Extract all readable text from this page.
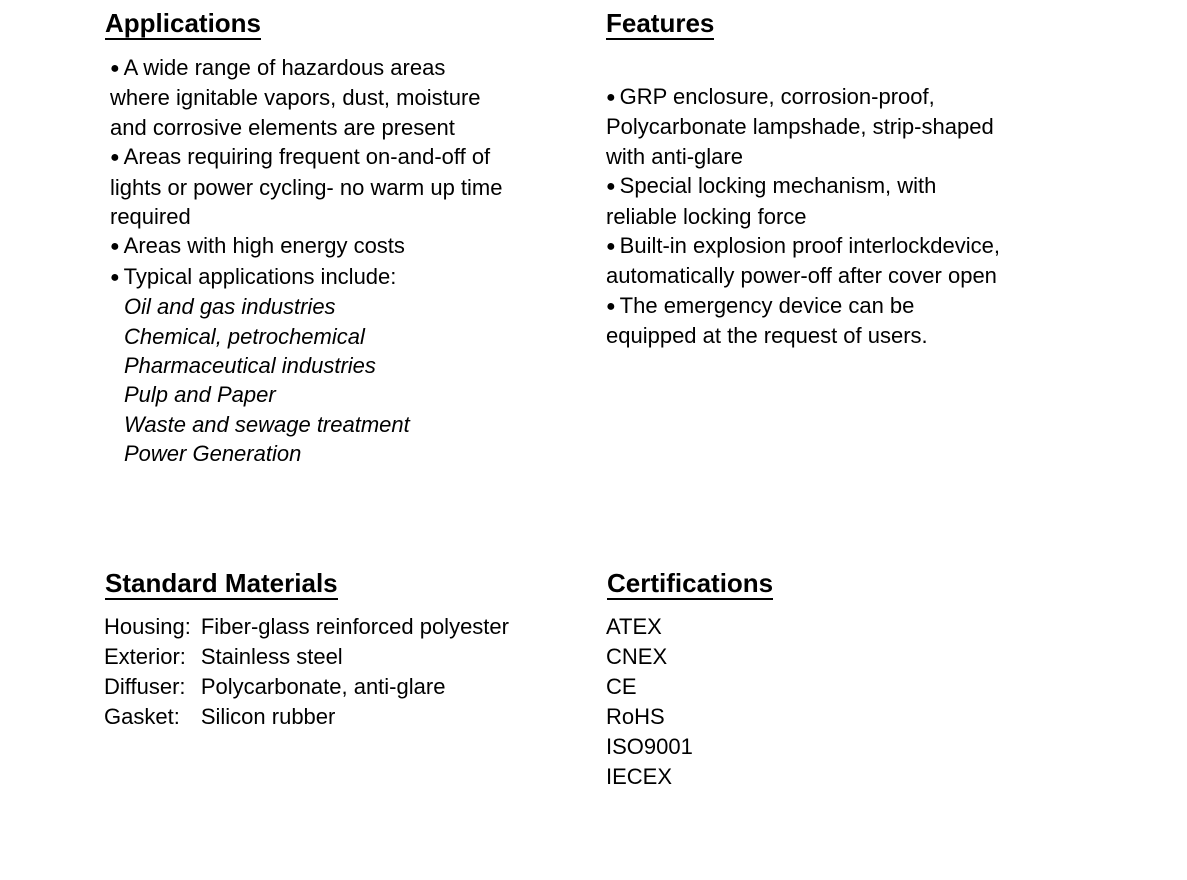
Applications
● A wide range of hazardous areas
where ignitable vapors, dust, moisture
and corrosive elements are present
● Areas requiring frequent on-and-off of
lights or power cycling- no warm up time
required
● Areas with high energy costs
● Typical applications include:
Oil and gas industries
Chemical, petrochemical
Pharmaceutical industries
Pulp and Paper
Waste and sewage treatment
Power Generation
Features
● GRP enclosure, corrosion-proof,
Polycarbonate lampshade, strip-shaped
with anti-glare
● Special locking mechanism, with
reliable locking force
● Built-in explosion proof interlockdevice,
automatically power-off after cover open
● The emergency device can be
equipped at the request of users.
Standard Materials
Housing:	Fiber-glass reinforced polyester
Exterior:	Stainless steel
Diffuser:	Polycarbonate, anti-glare
Gasket:	Silicon rubber
Certifications
ATEX
CNEX
CE
RoHS
ISO9001
IECEX
